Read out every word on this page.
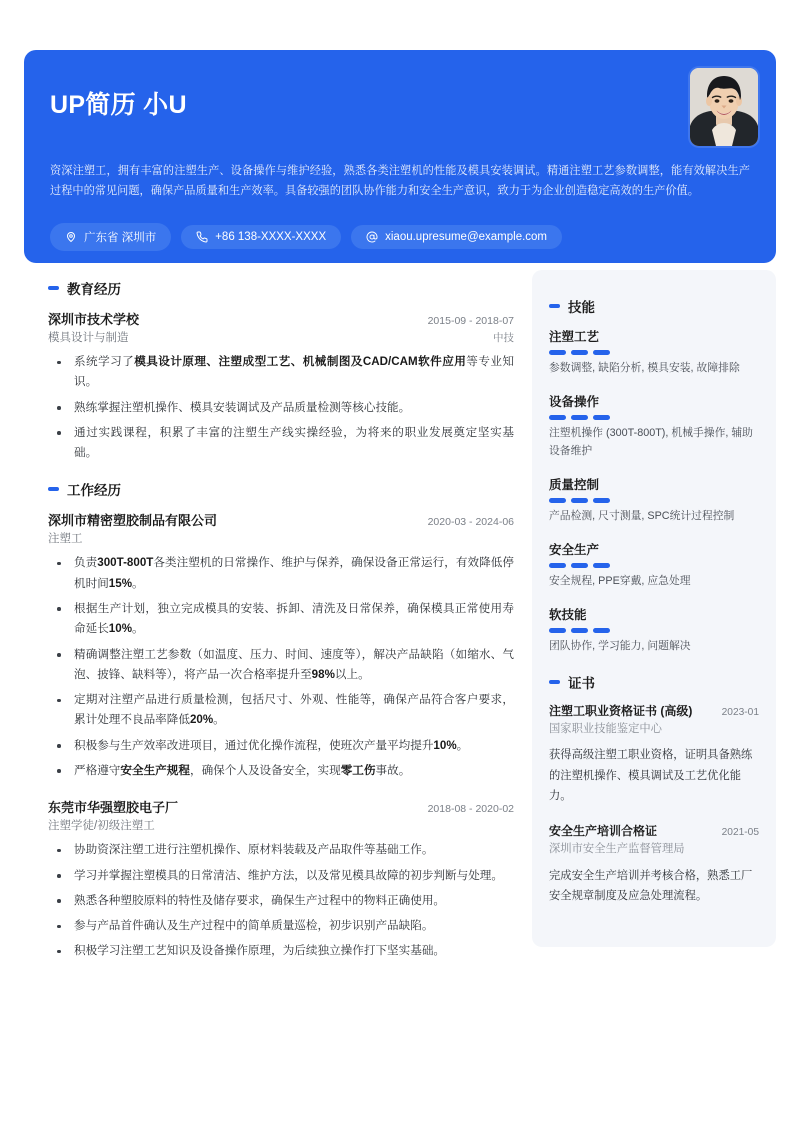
UP简历 小U
资深注塑工，拥有丰富的注塑生产、设备操作与维护经验，熟悉各类注塑机的性能及模具安装调试。精通注塑工艺参数调整，能有效解决生产过程中的常见问题，确保产品质量和生产效率。具备较强的团队协作能力和安全生产意识，致力于为企业创造稳定高效的生产价值。
广东省 深圳市	+86 138-XXXX-XXXX	xiaou.upresume@example.com
教育经历
深圳市技术学校	2015-09 - 2018-07
模具设计与制造	中技
系统学习了模具设计原理、注塑成型工艺、机械制图及CAD/CAM软件应用等专业知识。
熟练掌握注塑机操作、模具安装调试及产品质量检测等核心技能。
通过实践课程，积累了丰富的注塑生产线实操经验，为将来的职业发展奠定坚实基础。
工作经历
深圳市精密塑胶制品有限公司	2020-03 - 2024-06
注塑工
负责300T-800T各类注塑机的日常操作、维护与保养，确保设备正常运行，有效降低停机时间15%。
根据生产计划，独立完成模具的安装、拆卸、清洗及日常保养，确保模具正常使用寿命延长10%。
精确调整注塑工艺参数（如温度、压力、时间、速度等），解决产品缺陷（如缩水、气泡、披锋、缺料等），将产品一次合格率提升至98%以上。
定期对注塑产品进行质量检测，包括尺寸、外观、性能等，确保产品符合客户要求，累计处理不良品率降低20%。
积极参与生产效率改进项目，通过优化操作流程，使班次产量平均提升10%。
严格遵守安全生产规程，确保个人及设备安全，实现零工伤事故。
东莞市华强塑胶电子厂	2018-08 - 2020-02
注塑学徒/初级注塑工
协助资深注塑工进行注塑机操作、原材料装载及产品取件等基础工作。
学习并掌握注塑模具的日常清洁、维护方法，以及常见模具故障的初步判断与处理。
熟悉各种塑胶原料的特性及储存要求，确保生产过程中的物料正确使用。
参与产品首件确认及生产过程中的简单质量巡检，初步识别产品缺陷。
积极学习注塑工艺知识及设备操作原理，为后续独立操作打下坚实基础。
技能
注塑工艺
参数调整, 缺陷分析, 模具安装, 故障排除
设备操作
注塑机操作 (300T-800T), 机械手操作, 辅助设备维护
质量控制
产品检测, 尺寸测量, SPC统计过程控制
安全生产
安全规程, PPE穿戴, 应急处理
软技能
团队协作, 学习能力, 问题解决
证书
注塑工职业资格证书 (高级)	2023-01
国家职业技能鉴定中心
获得高级注塑工职业资格，证明具备熟练的注塑机操作、模具调试及工艺优化能力。
安全生产培训合格证	2021-05
深圳市安全生产监督管理局
完成安全生产培训并考核合格，熟悉工厂安全规章制度及应急处理流程。
